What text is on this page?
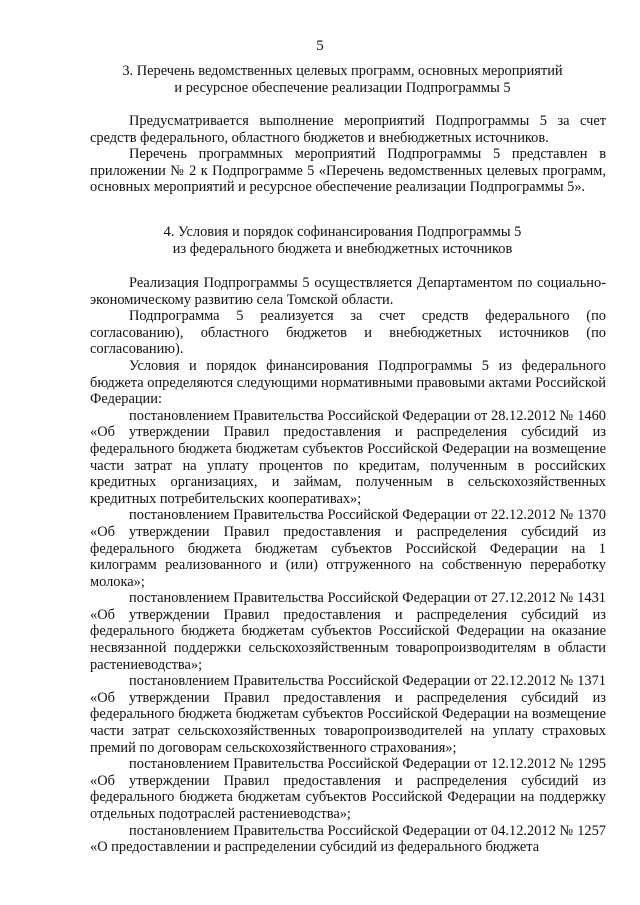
5
3. Перечень ведомственных целевых программ, основных мероприятий
и ресурсное обеспечение реализации Подпрограммы 5

Предусматривается выполнение мероприятий Подпрограммы 5 за счет средств федерального, областного бюджетов и внебюджетных источников.

Перечень программных мероприятий Подпрограммы 5 представлен в приложении № 2 к Подпрограмме 5 «Перечень ведомственных целевых программ, основных мероприятий и ресурсное обеспечение реализации Подпрограммы 5».

4. Условия и порядок софинансирования Подпрограммы 5
из федерального бюджета и внебюджетных источников

Реализация Подпрограммы 5 осуществляется Департаментом по социально-экономическому развитию села Томской области.

Подпрограмма 5 реализуется за счет средств федерального (по согласованию), областного бюджетов и внебюджетных источников (по согласованию).

Условия и порядок финансирования Подпрограммы 5 из федерального бюджета определяются следующими нормативными правовыми актами Российской Федерации:

постановлением Правительства Российской Федерации от 28.12.2012 № 1460 «Об утверждении Правил предоставления и распределения субсидий из федерального бюджета бюджетам субъектов Российской Федерации на возмещение части затрат на уплату процентов по кредитам, полученным в российских кредитных организациях, и займам, полученным в сельскохозяйственных кредитных потребительских кооперативах»;

постановлением Правительства Российской Федерации от 22.12.2012 № 1370 «Об утверждении Правил предоставления и распределения субсидий из федерального бюджета бюджетам субъектов Российской Федерации на 1 килограмм реализованного и (или) отгруженного на собственную переработку молока»;

постановлением Правительства Российской Федерации от 27.12.2012 № 1431 «Об утверждении Правил предоставления и распределения субсидий из федерального бюджета бюджетам субъектов Российской Федерации на оказание несвязанной поддержки сельскохозяйственным товаропроизводителям в области растениеводства»;

постановлением Правительства Российской Федерации от 22.12.2012 № 1371 «Об утверждении Правил предоставления и распределения субсидий из федерального бюджета бюджетам субъектов Российской Федерации на возмещение части затрат сельскохозяйственных товаропроизводителей на уплату страховых премий по договорам сельскохозяйственного страхования»;

постановлением Правительства Российской Федерации от 12.12.2012 № 1295 «Об утверждении Правил предоставления и распределения субсидий из федерального бюджета бюджетам субъектов Российской Федерации на поддержку отдельных подотраслей растениеводства»;

постановлением Правительства Российской Федерации от 04.12.2012 № 1257 «О предоставлении и распределении субсидий из федерального бюджета
